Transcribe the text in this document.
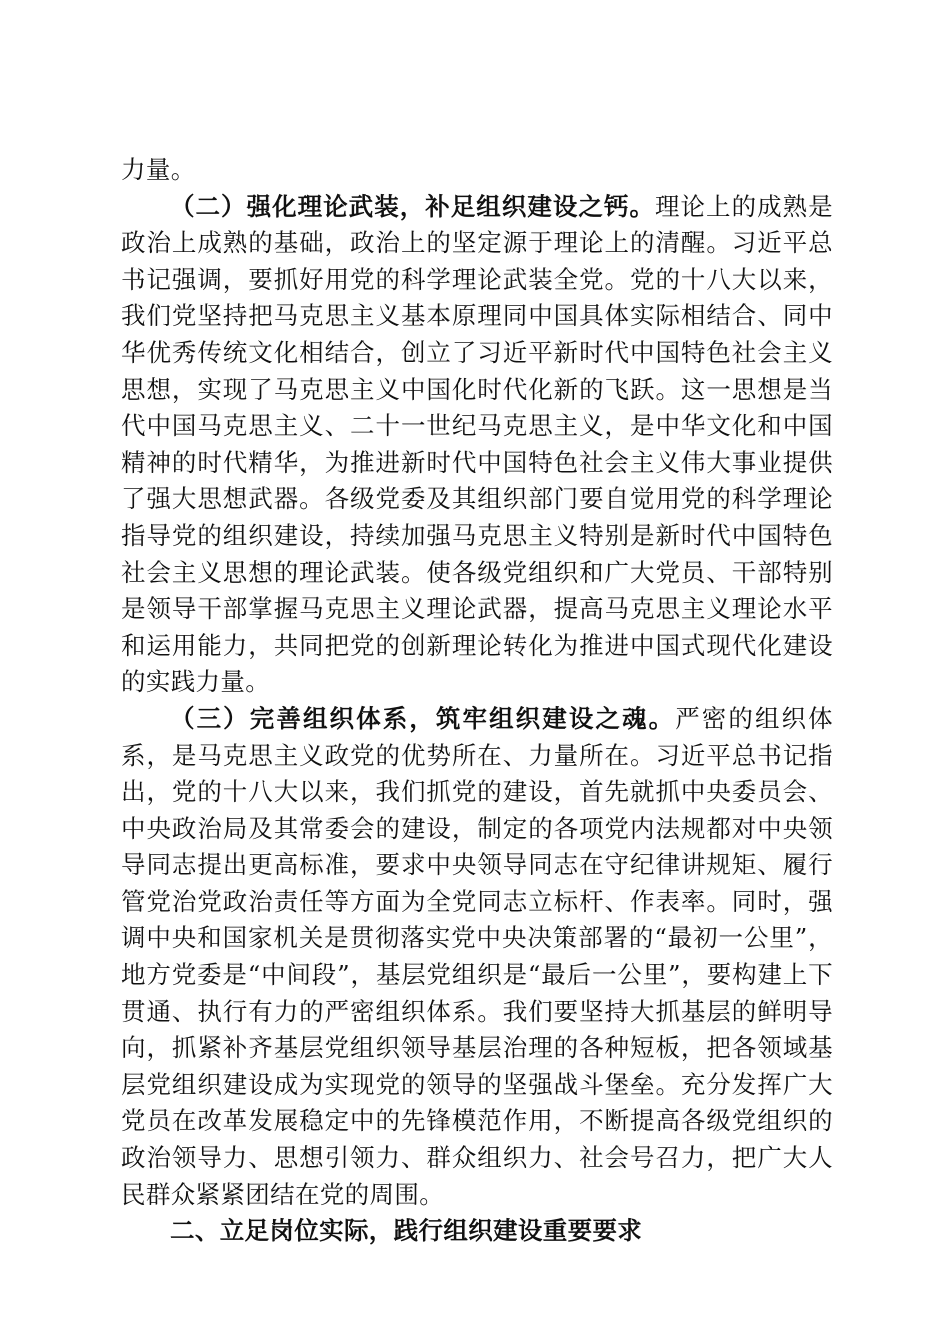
力量。

（二）强化理论武装，补足组织建设之钙。理论上的成熟是政治上成熟的基础，政治上的坚定源于理论上的清醒。习近平总书记强调，要抓好用党的科学理论武装全党。党的十八大以来，我们党坚持把马克思主义基本原理同中国具体实际相结合、同中华优秀传统文化相结合，创立了习近平新时代中国特色社会主义思想，实现了马克思主义中国化时代化新的飞跃。这一思想是当代中国马克思主义、二十一世纪马克思主义，是中华文化和中国精神的时代精华，为推进新时代中国特色社会主义伟大事业提供了强大思想武器。各级党委及其组织部门要自觉用党的科学理论指导党的组织建设，持续加强马克思主义特别是新时代中国特色社会主义思想的理论武装。使各级党组织和广大党员、干部特别是领导干部掌握马克思主义理论武器，提高马克思主义理论水平和运用能力，共同把党的创新理论转化为推进中国式现代化建设的实践力量。

（三）完善组织体系，筑牢组织建设之魂。严密的组织体系，是马克思主义政党的优势所在、力量所在。习近平总书记指出，党的十八大以来，我们抓党的建设，首先就抓中央委员会、中央政治局及其常委会的建设，制定的各项党内法规都对中央领导同志提出更高标准，要求中央领导同志在守纪律讲规矩、履行管党治党政治责任等方面为全党同志立标杆、作表率。同时，强调中央和国家机关是贯彻落实党中央决策部署的“最初一公里”，地方党委是“中间段”，基层党组织是“最后一公里”，要构建上下贯通、执行有力的严密组织体系。我们要坚持大抓基层的鲜明导向，抓紧补齐基层党组织领导基层治理的各种短板，把各领域基层党组织建设成为实现党的领导的坚强战斗堡垒。充分发挥广大党员在改革发展稳定中的先锋模范作用，不断提高各级党组织的政治领导力、思想引领力、群众组织力、社会号召力，把广大人民群众紧紧团结在党的周围。

二、立足岗位实际，践行组织建设重要要求
